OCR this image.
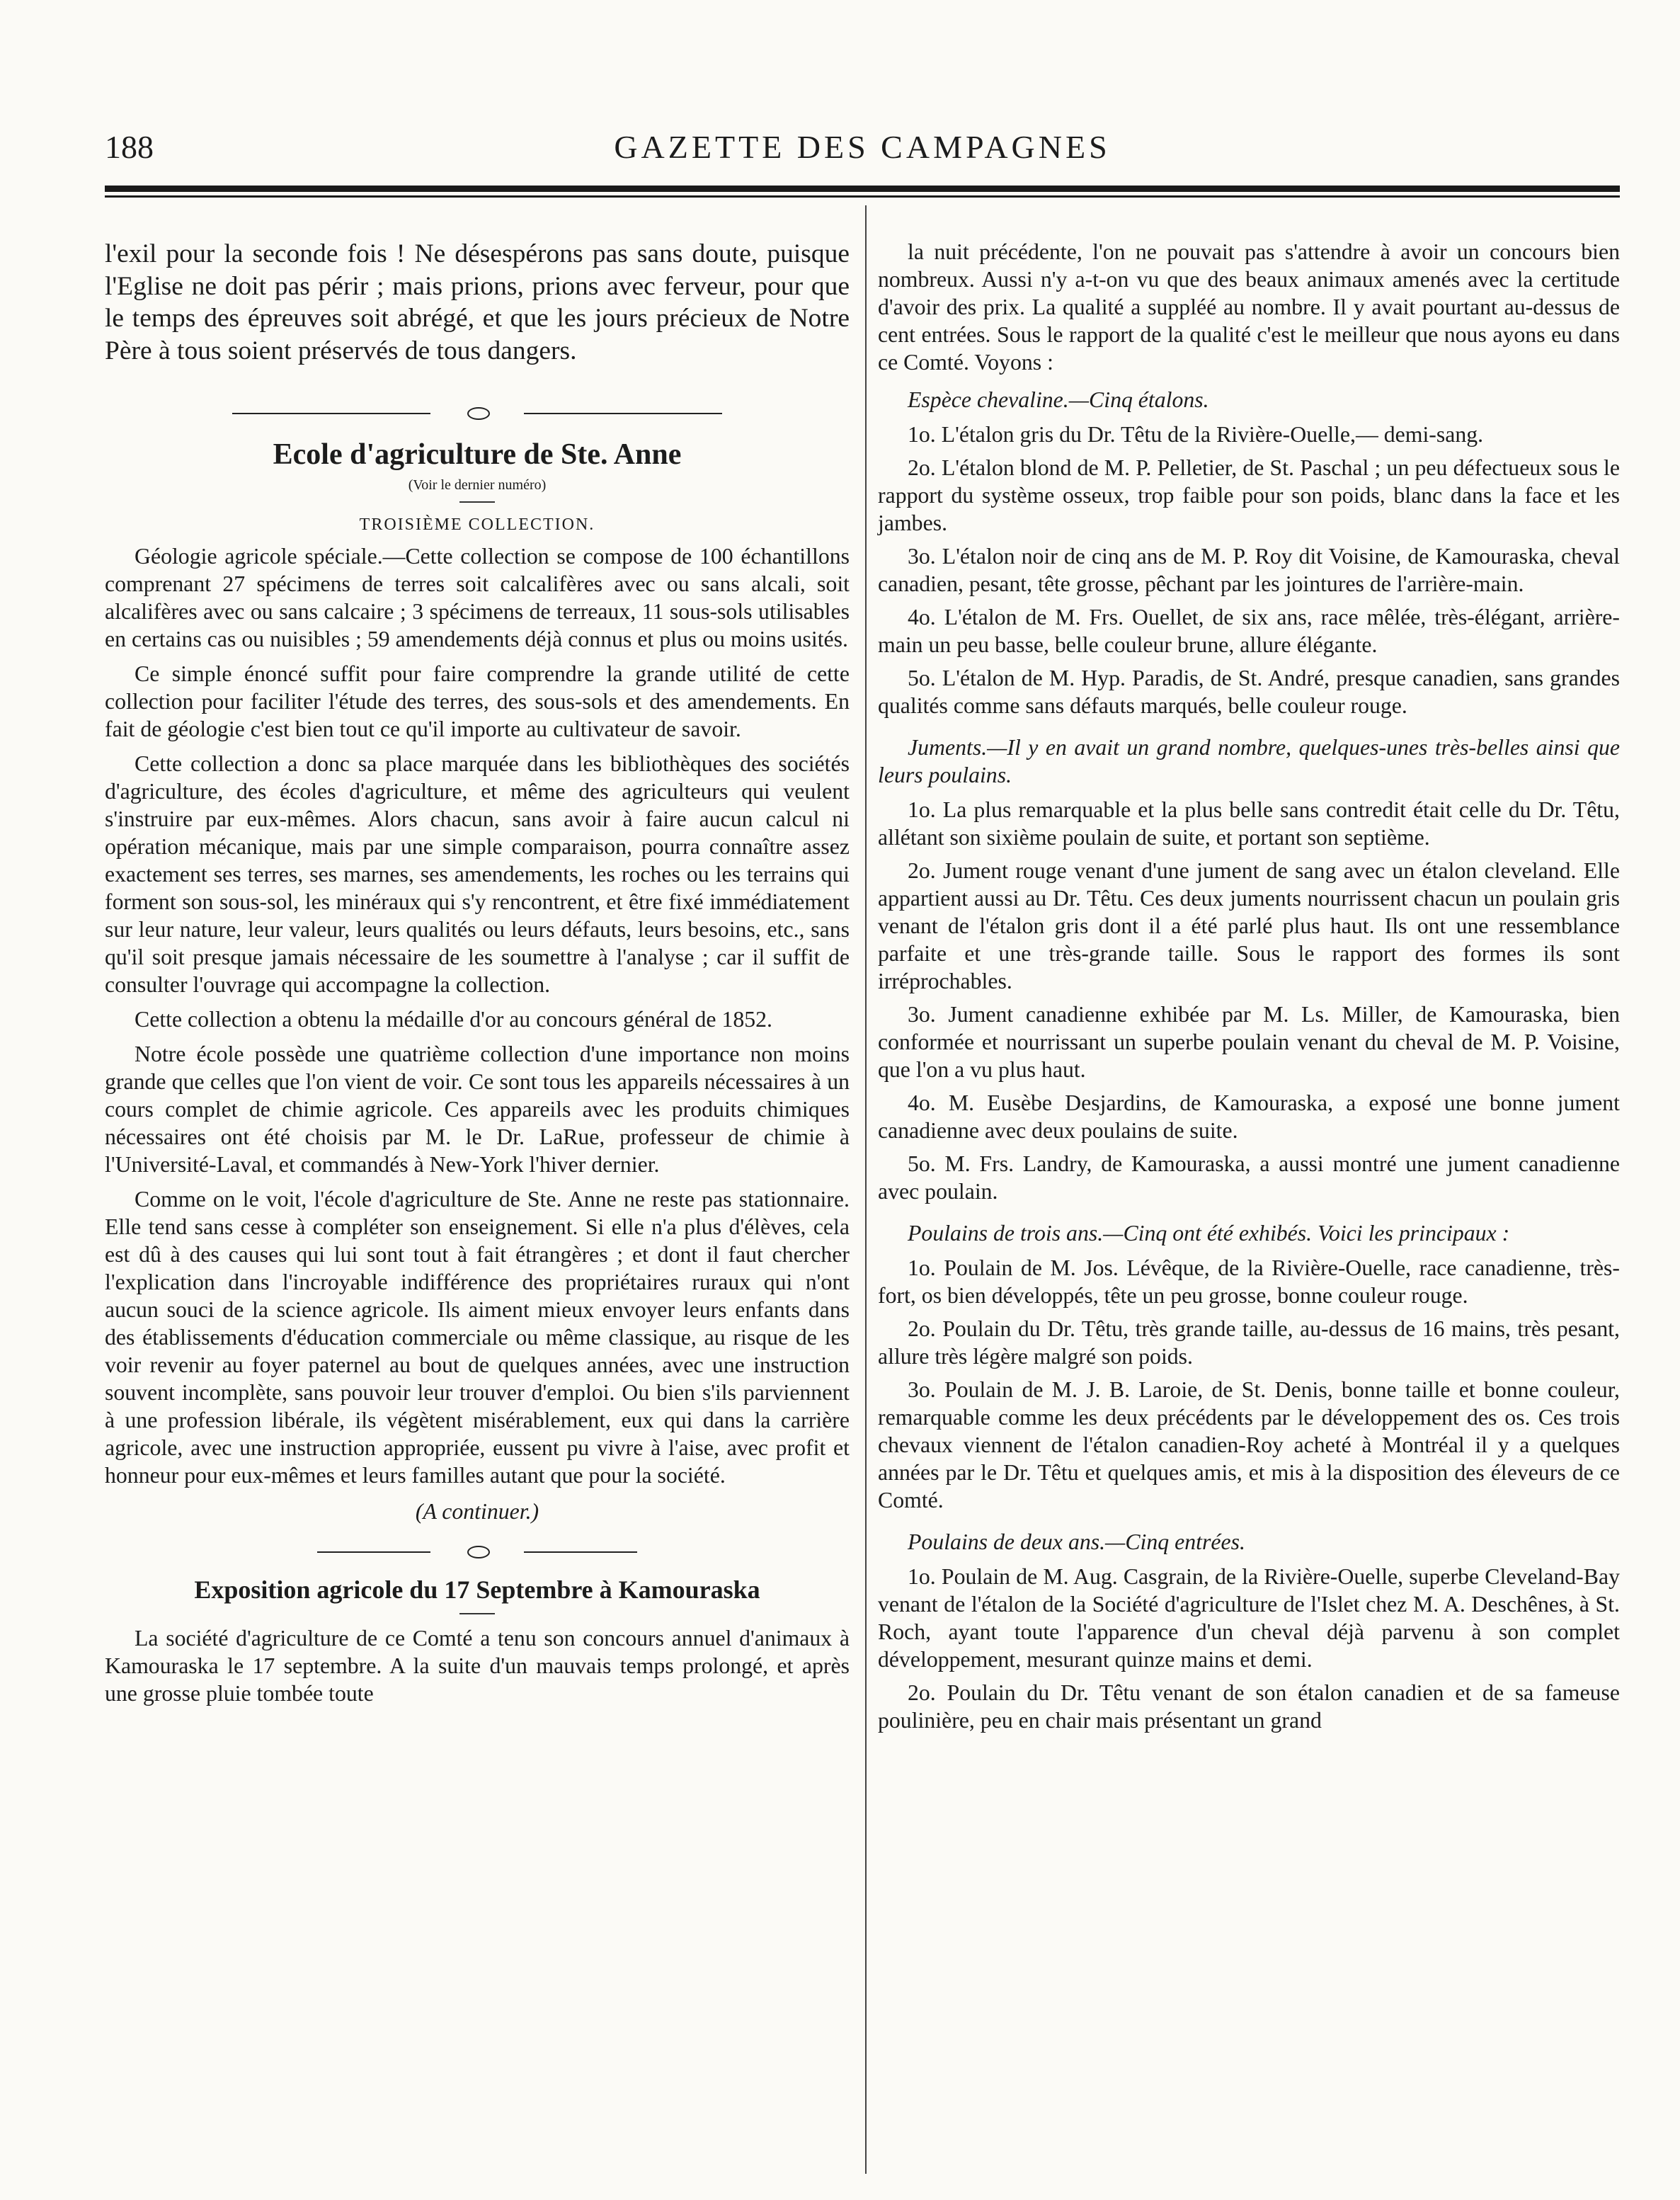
188	GAZETTE DES CAMPAGNES

l'exil pour la seconde fois ! Ne désespérons pas sans doute, puisque l'Eglise ne doit pas périr ; mais prions, prions avec ferveur, pour que le temps des épreuves soit abrégé, et que les jours précieux de Notre Père à tous soient préservés de tous dangers.

Ecole d'agriculture de Ste. Anne
(Voir le dernier numéro)
TROISIÈME COLLECTION.

Géologie agricole spéciale.—Cette collection se compose de 100 échantillons comprenant 27 spécimens de terres soit calcalifères avec ou sans alcali, soit alcalifères avec ou sans calcaire ; 3 spécimens de terreaux, 11 sous-sols utilisables en certains cas ou nuisibles ; 59 amendements déjà connus et plus ou moins usités.

Ce simple énoncé suffit pour faire comprendre la grande utilité de cette collection pour faciliter l'étude des terres, des sous-sols et des amendements. En fait de géologie c'est bien tout ce qu'il importe au cultivateur de savoir.

Cette collection a donc sa place marquée dans les bibliothèques des sociétés d'agriculture, des écoles d'agriculture, et même des agriculteurs qui veulent s'instruire par eux-mêmes. Alors chacun, sans avoir à faire aucun calcul ni opération mécanique, mais par une simple comparaison, pourra connaître assez exactement ses terres, ses marnes, ses amendements, les roches ou les terrains qui forment son sous-sol, les minéraux qui s'y rencontrent, et être fixé immédiatement sur leur nature, leur valeur, leurs qualités ou leurs défauts, leurs besoins, etc., sans qu'il soit presque jamais nécessaire de les soumettre à l'analyse ; car il suffit de consulter l'ouvrage qui accompagne la collection.

Cette collection a obtenu la médaille d'or au concours général de 1852.

Notre école possède une quatrième collection d'une importance non moins grande que celles que l'on vient de voir. Ce sont tous les appareils nécessaires à un cours complet de chimie agricole. Ces appareils avec les produits chimiques nécessaires ont été choisis par M. le Dr. LaRue, professeur de chimie à l'Université-Laval, et commandés à New-York l'hiver dernier.

Comme on le voit, l'école d'agriculture de Ste. Anne ne reste pas stationnaire. Elle tend sans cesse à compléter son enseignement. Si elle n'a plus d'élèves, cela est dû à des causes qui lui sont tout à fait étrangères ; et dont il faut chercher l'explication dans l'incroyable indifférence des propriétaires ruraux qui n'ont aucun souci de la science agricole. Ils aiment mieux envoyer leurs enfants dans des établissements d'éducation commerciale ou même classique, au risque de les voir revenir au foyer paternel au bout de quelques années, avec une instruction souvent incomplète, sans pouvoir leur trouver d'emploi. Ou bien s'ils parviennent à une profession libérale, ils végètent misérablement, eux qui dans la carrière agricole, avec une instruction appropriée, eussent pu vivre à l'aise, avec profit et honneur pour eux-mêmes et leurs familles autant que pour la société.

(A continuer.)
Exposition agricole du 17 Septembre à Kamouraska

La société d'agriculture de ce Comté a tenu son concours annuel d'animaux à Kamouraska le 17 septembre. A la suite d'un mauvais temps prolongé, et après une grosse pluie tombée toute

la nuit précédente, l'on ne pouvait pas s'attendre à avoir un concours bien nombreux. Aussi n'y a-t-on vu que des beaux animaux amenés avec la certitude d'avoir des prix. La qualité a suppléé au nombre. Il y avait pourtant au-dessus de cent entrées. Sous le rapport de la qualité c'est le meilleur que nous ayons eu dans ce Comté. Voyons :

Espèce chevaline.—Cinq étalons.

1o. L'étalon gris du Dr. Têtu de la Rivière-Ouelle,— demi-sang.

2o. L'étalon blond de M. P. Pelletier, de St. Paschal ; un peu défectueux sous le rapport du système osseux, trop faible pour son poids, blanc dans la face et les jambes.

3o. L'étalon noir de cinq ans de M. P. Roy dit Voisine, de Kamouraska, cheval canadien, pesant, tête grosse, pêchant par les jointures de l'arrière-main.

4o. L'étalon de M. Frs. Ouellet, de six ans, race mêlée, très-élégant, arrière-main un peu basse, belle couleur brune, allure élégante.

5o. L'étalon de M. Hyp. Paradis, de St. André, presque canadien, sans grandes qualités comme sans défauts marqués, belle couleur rouge.

Juments.—Il y en avait un grand nombre, quelques-unes très-belles ainsi que leurs poulains.

1o. La plus remarquable et la plus belle sans contredit était celle du Dr. Têtu, allétant son sixième poulain de suite, et portant son septième.

2o. Jument rouge venant d'une jument de sang avec un étalon cleveland. Elle appartient aussi au Dr. Têtu. Ces deux juments nourrissent chacun un poulain gris venant de l'étalon gris dont il a été parlé plus haut. Ils ont une ressemblance parfaite et une très-grande taille. Sous le rapport des formes ils sont irréprochables.

3o. Jument canadienne exhibée par M. Ls. Miller, de Kamouraska, bien conformée et nourrissant un superbe poulain venant du cheval de M. P. Voisine, que l'on a vu plus haut.

4o. M. Eusèbe Desjardins, de Kamouraska, a exposé une bonne jument canadienne avec deux poulains de suite.

5o. M. Frs. Landry, de Kamouraska, a aussi montré une jument canadienne avec poulain.

Poulains de trois ans.—Cinq ont été exhibés. Voici les principaux :

1o. Poulain de M. Jos. Lévêque, de la Rivière-Ouelle, race canadienne, très-fort, os bien développés, tête un peu grosse, bonne couleur rouge.

2o. Poulain du Dr. Têtu, très grande taille, au-dessus de 16 mains, très pesant, allure très légère malgré son poids.

3o. Poulain de M. J. B. Laroie, de St. Denis, bonne taille et bonne couleur, remarquable comme les deux précédents par le développement des os. Ces trois chevaux viennent de l'étalon canadien-Roy acheté à Montréal il y a quelques années par le Dr. Têtu et quelques amis, et mis à la disposition des éleveurs de ce Comté.

Poulains de deux ans.—Cinq entrées.

1o. Poulain de M. Aug. Casgrain, de la Rivière-Ouelle, superbe Cleveland-Bay venant de l'étalon de la Société d'agriculture de l'Islet chez M. A. Deschênes, à St. Roch, ayant toute l'apparence d'un cheval déjà parvenu à son complet développement, mesurant quinze mains et demi.

2o. Poulain du Dr. Têtu venant de son étalon canadien et de sa fameuse poulinière, peu en chair mais présentant un grand
